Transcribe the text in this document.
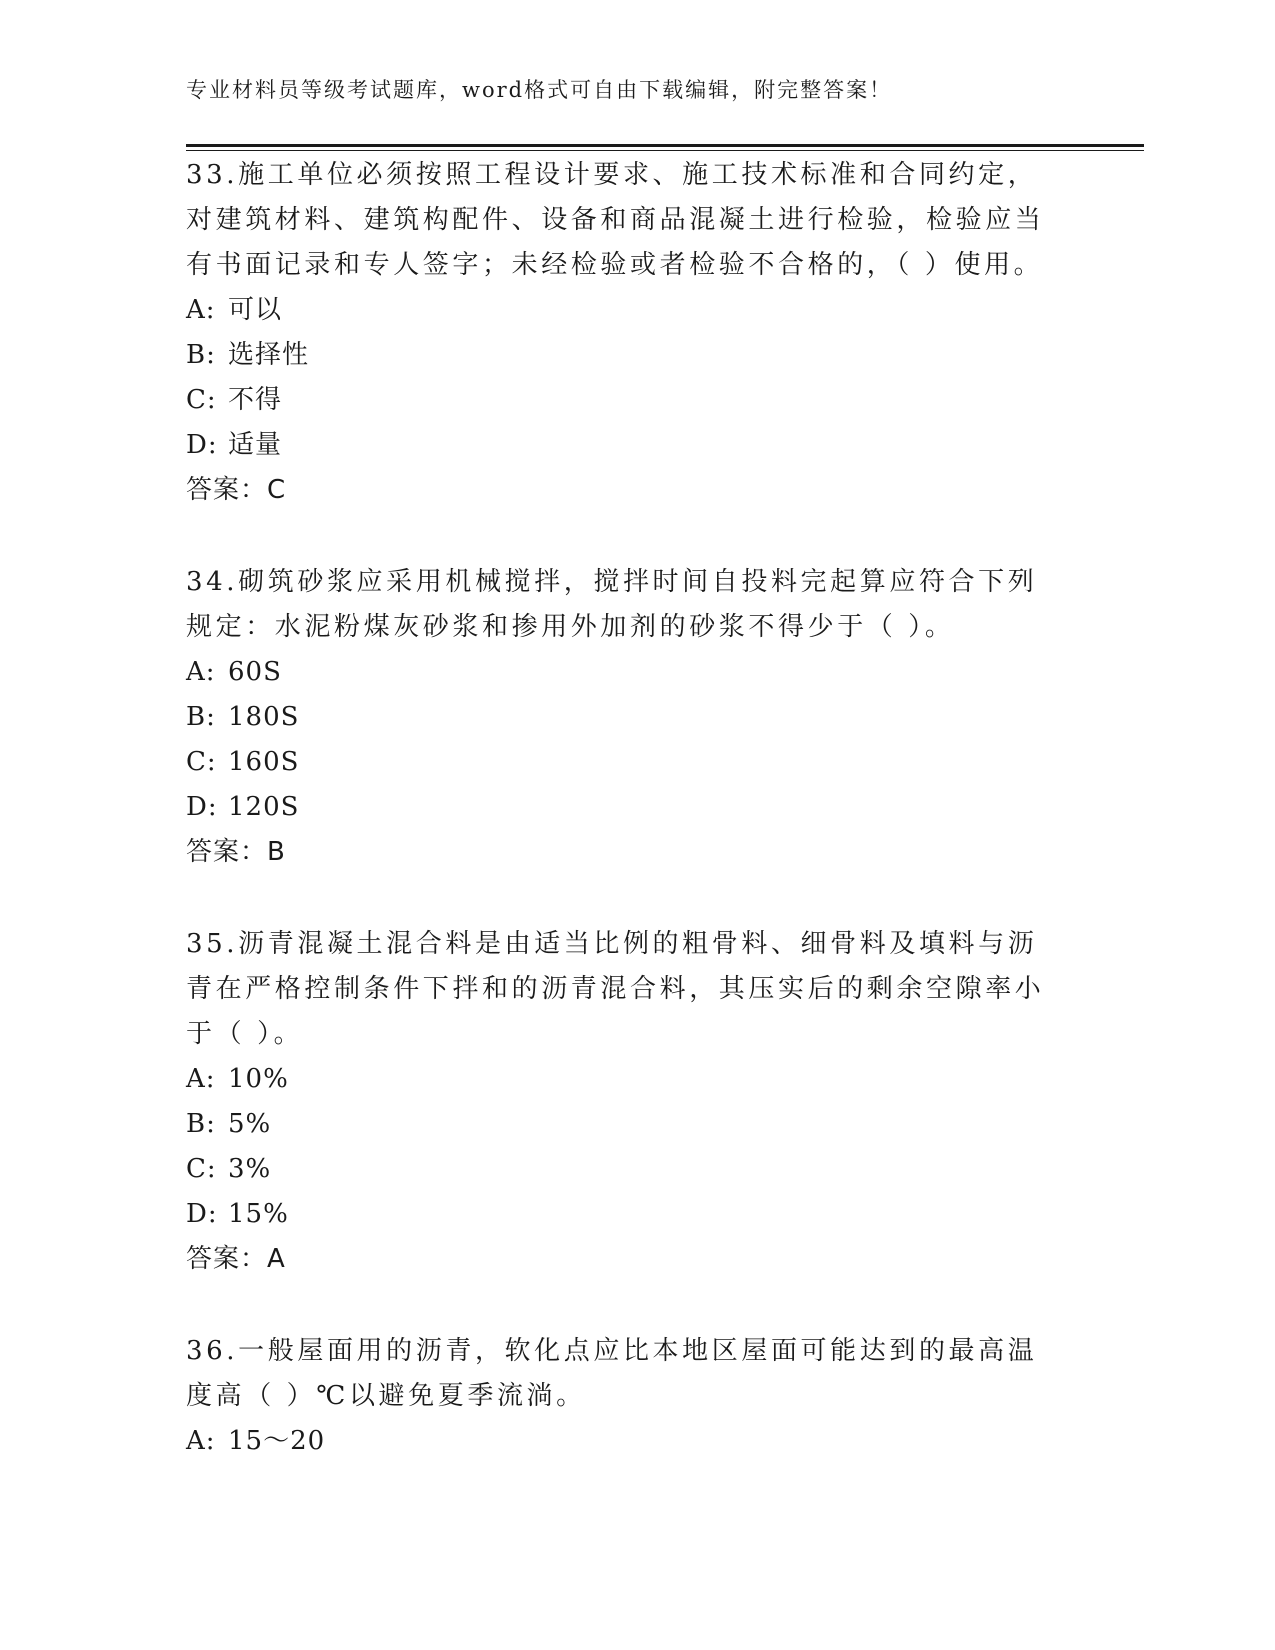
专业材料员等级考试题库，word格式可自由下载编辑，附完整答案！

33.施工单位必须按照工程设计要求、施工技术标准和合同约定，对建筑材料、建筑构配件、设备和商品混凝土进行检验，检验应当有书面记录和专人签字；未经检验或者检验不合格的，（ ）使用。

A: 可以

B: 选择性

C: 不得

D: 适量

答案：C

34.砌筑砂浆应采用机械搅拌，搅拌时间自投料完起算应符合下列规定：水泥粉煤灰砂浆和掺用外加剂的砂浆不得少于（ ）。

A: 60S

B: 180S

C: 160S

D: 120S

答案：B

35.沥青混凝土混合料是由适当比例的粗骨料、细骨料及填料与沥青在严格控制条件下拌和的沥青混合料，其压实后的剩余空隙率小于（ ）。

A: 10%

B: 5%

C: 3%

D: 15%

答案：A

36.一般屋面用的沥青，软化点应比本地区屋面可能达到的最高温度高（ ）℃以避免夏季流淌。

A: 15～20
